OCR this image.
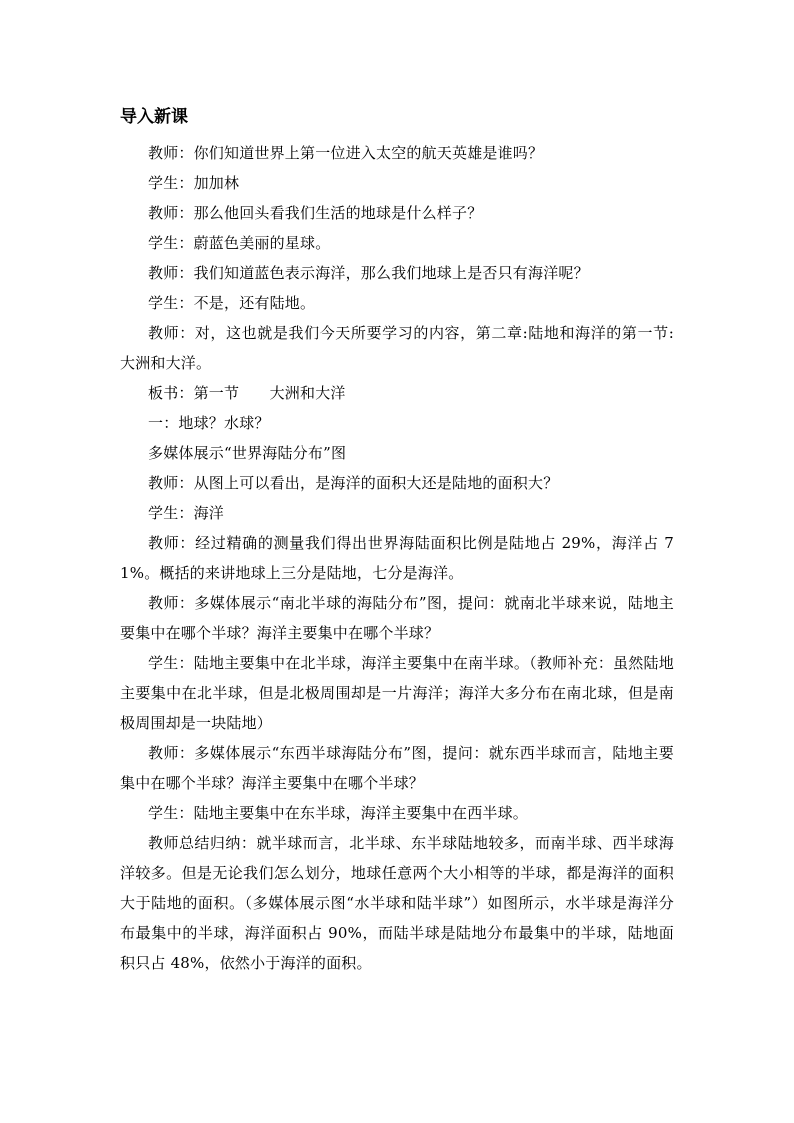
导入新课

教师：你们知道世界上第一位进入太空的航天英雄是谁吗？

学生：加加林

教师：那么他回头看我们生活的地球是什么样子？

学生：蔚蓝色美丽的星球。

教师：我们知道蓝色表示海洋，那么我们地球上是否只有海洋呢？

学生：不是，还有陆地。

教师：对，这也就是我们今天所要学习的内容，第二章:陆地和海洋的第一节:大洲和大洋。

板书：第一节　　大洲和大洋

一：地球？水球？

多媒体展示“世界海陆分布”图

教师：从图上可以看出，是海洋的面积大还是陆地的面积大？

学生：海洋

教师：经过精确的测量我们得出世界海陆面积比例是陆地占 29%，海洋占 71%。概括的来讲地球上三分是陆地，七分是海洋。

教师：多媒体展示“南北半球的海陆分布”图，提问：就南北半球来说，陆地主要集中在哪个半球？海洋主要集中在哪个半球？

学生：陆地主要集中在北半球，海洋主要集中在南半球。（教师补充：虽然陆地主要集中在北半球，但是北极周围却是一片海洋；海洋大多分布在南北球，但是南极周围却是一块陆地）

教师：多媒体展示“东西半球海陆分布”图，提问：就东西半球而言，陆地主要集中在哪个半球？海洋主要集中在哪个半球？

学生：陆地主要集中在东半球，海洋主要集中在西半球。

教师总结归纳：就半球而言，北半球、东半球陆地较多，而南半球、西半球海洋较多。但是无论我们怎么划分，地球任意两个大小相等的半球，都是海洋的面积大于陆地的面积。（多媒体展示图“水半球和陆半球”）如图所示，水半球是海洋分布最集中的半球，海洋面积占 90%，而陆半球是陆地分布最集中的半球，陆地面积只占 48%，依然小于海洋的面积。
